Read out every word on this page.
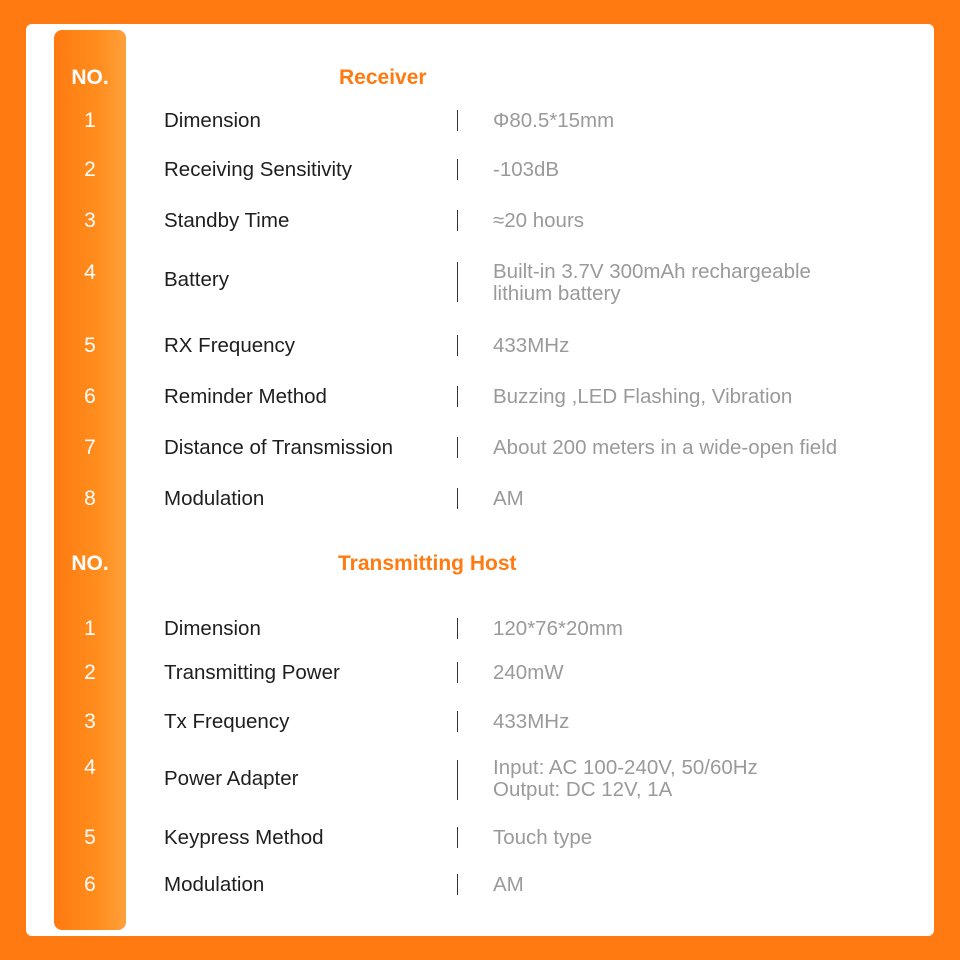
NO.	Receiver
1	Dimension	Φ80.5*15mm
2	Receiving Sensitivity	-103dB
3	Standby Time	≈20 hours
4	Battery	Built-in 3.7V 300mAh rechargeable
lithium battery
5	RX Frequency	433MHz
6	Reminder Method	Buzzing ,LED Flashing, Vibration
7	Distance of Transmission	About 200 meters in a wide-open field
8	Modulation	AM
NO.	Transmitting Host
1	Dimension	120*76*20mm
2	Transmitting Power	240mW
3	Tx Frequency	433MHz
4	Power Adapter	Input: AC 100-240V, 50/60Hz
Output: DC 12V, 1A
5	Keypress Method	Touch type
6	Modulation	AM
